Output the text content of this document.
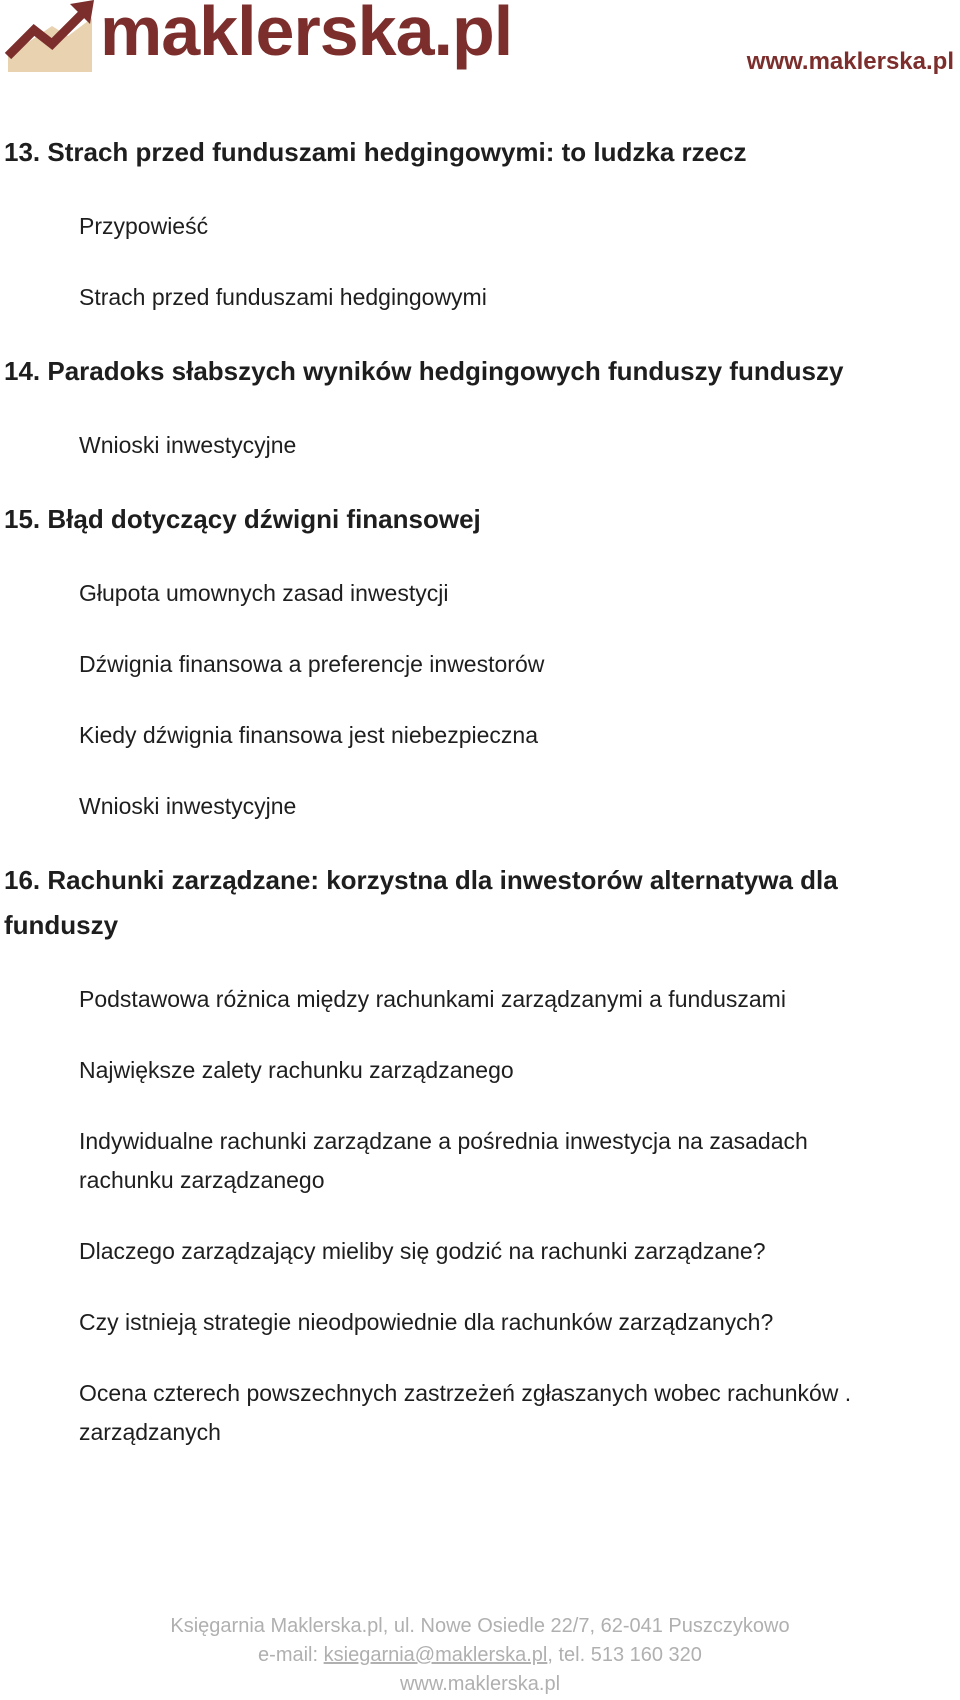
maklerska.pl	www.maklerska.pl
13. Strach przed funduszami hedgingowymi: to ludzka rzecz
Przypowieść
Strach przed funduszami hedgingowymi
14. Paradoks słabszych wyników hedgingowych funduszy funduszy
Wnioski inwestycyjne
15. Błąd dotyczący dźwigni finansowej
Głupota umownych zasad inwestycji
Dźwignia finansowa a preferencje inwestorów
Kiedy dźwignia finansowa jest niebezpieczna
Wnioski inwestycyjne
16. Rachunki zarządzane: korzystna dla inwestorów alternatywa dla funduszy
Podstawowa różnica między rachunkami zarządzanymi a funduszami
Największe zalety rachunku zarządzanego
Indywidualne rachunki zarządzane a pośrednia inwestycja na zasadach rachunku zarządzanego
Dlaczego zarządzający mieliby się godzić na rachunki zarządzane?
Czy istnieją strategie nieodpowiednie dla rachunków zarządzanych?
Ocena czterech powszechnych zastrzeżeń zgłaszanych wobec rachunków . zarządzanych
Księgarnia Maklerska.pl, ul. Nowe Osiedle 22/7, 62-041 Puszczykowo
e-mail: ksiegarnia@maklerska.pl, tel. 513 160 320
www.maklerska.pl
